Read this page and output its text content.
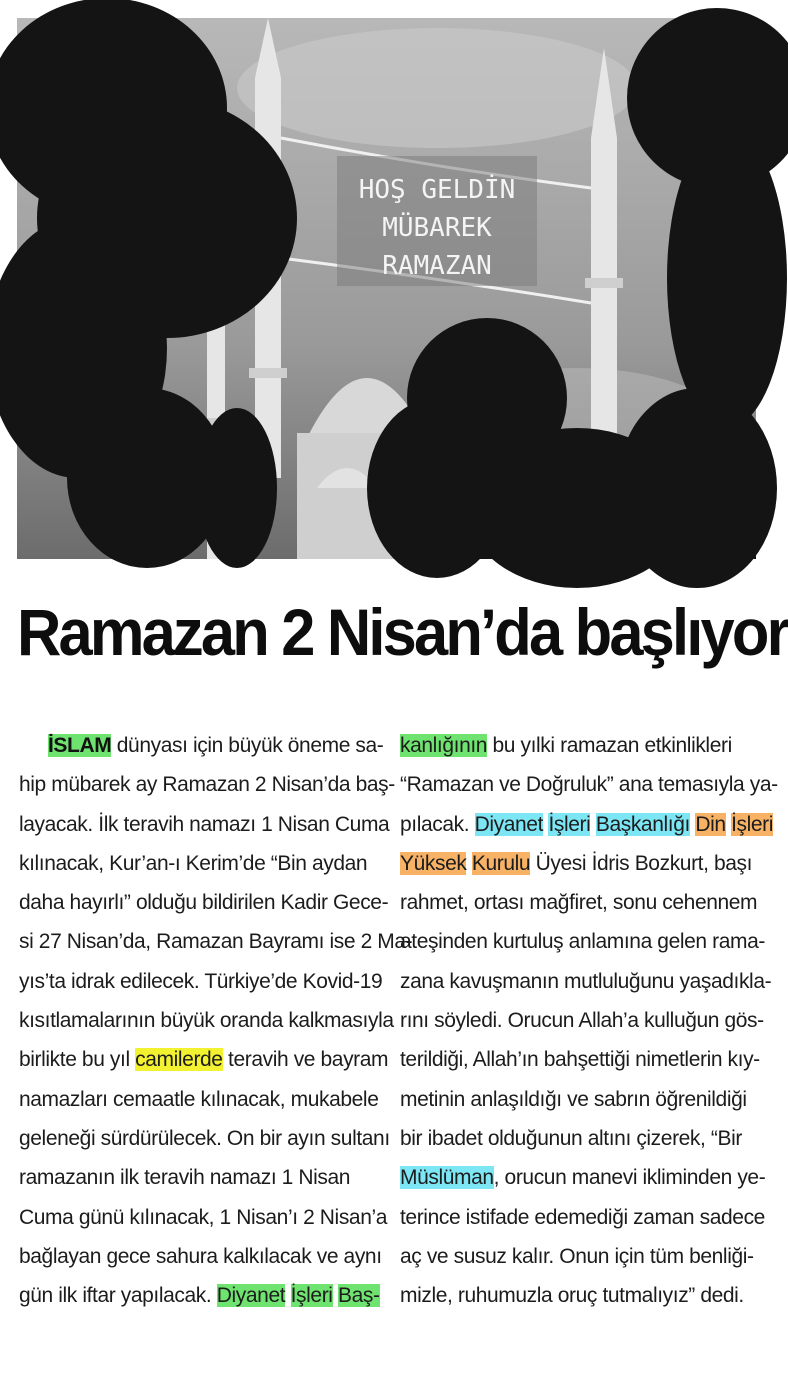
HOŞ GELDİN
MÜBAREK
RAMAZAN
Ramazan 2 Nisan’da başlıyor
İSLAM dünyası için büyük öneme sa-
hip mübarek ay Ramazan 2 Nisan’da baş-
layacak. İlk teravih namazı 1 Nisan Cuma
kılınacak, Kur’an-ı Kerim’de “Bin aydan
daha hayırlı” olduğu bildirilen Kadir Gece-
si 27 Nisan’da, Ramazan Bayramı ise 2 Ma-
yıs’ta idrak edilecek. Türkiye’de Kovid-19
kısıtlamalarının büyük oranda kalkmasıyla
birlikte bu yıl camilerde teravih ve bayram
namazları cemaatle kılınacak, mukabele
geleneği sürdürülecek. On bir ayın sultanı
ramazanın ilk teravih namazı 1 Nisan
Cuma günü kılınacak, 1 Nisan’ı 2 Nisan’a
bağlayan gece sahura kalkılacak ve aynı
gün ilk iftar yapılacak. Diyanet İşleri Baş-
kanlığının bu yılki ramazan etkinlikleri
“Ramazan ve Doğruluk” ana temasıyla ya-
pılacak. Diyanet İşleri Başkanlığı Din İşleri
Yüksek Kurulu Üyesi İdris Bozkurt, başı
rahmet, ortası mağfiret, sonu cehennem
ateşinden kurtuluş anlamına gelen rama-
zana kavuşmanın mutluluğunu yaşadıkla-
rını söyledi. Orucun Allah’a kulluğun gös-
terildiği, Allah’ın bahşettiği nimetlerin kıy-
metinin anlaşıldığı ve sabrın öğrenildiği
bir ibadet olduğunun altını çizerek, “Bir
Müslüman, orucun manevi ikliminden ye-
terince istifade edemediği zaman sadece
aç ve susuz kalır. Onun için tüm benliği-
mizle, ruhumuzla oruç tutmalıyız” dedi.
